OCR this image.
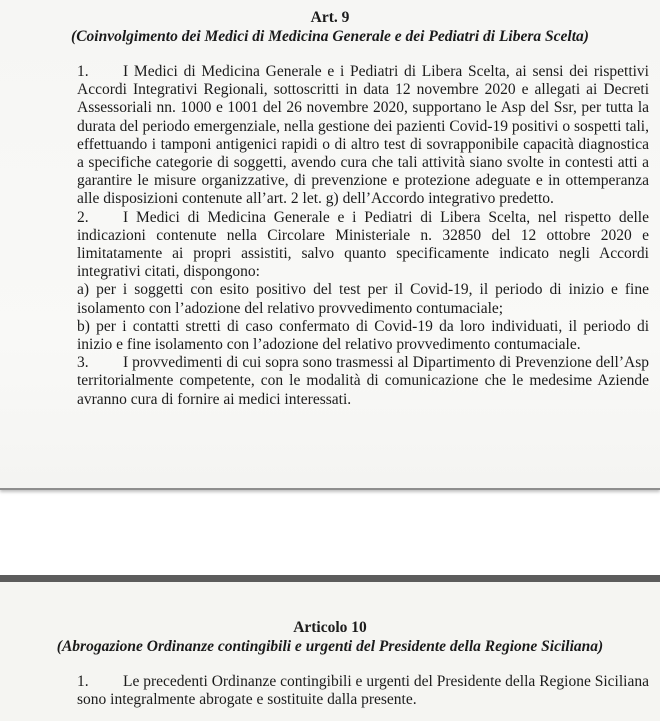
Art. 9
(Coinvolgimento dei Medici di Medicina Generale e dei Pediatri di Libera Scelta)

1. I Medici di Medicina Generale e i Pediatri di Libera Scelta, ai sensi dei rispettivi Accordi Integrativi Regionali, sottoscritti in data 12 novembre 2020 e allegati ai Decreti Assessoriali nn. 1000 e 1001 del 26 novembre 2020, supportano le Asp del Ssr, per tutta la durata del periodo emergenziale, nella gestione dei pazienti Covid-19 positivi o sospetti tali, effettuando i tamponi antigenici rapidi o di altro test di sovrapponibile capacità diagnostica a specifiche categorie di soggetti, avendo cura che tali attività siano svolte in contesti atti a garantire le misure organizzative, di prevenzione e protezione adeguate e in ottemperanza alle disposizioni contenute all’art. 2 let. g) dell’Accordo integrativo predetto.

2. I Medici di Medicina Generale e i Pediatri di Libera Scelta, nel rispetto delle indicazioni contenute nella Circolare Ministeriale n. 32850 del 12 ottobre 2020 e limitatamente ai propri assistiti, salvo quanto specificamente indicato negli Accordi integrativi citati, dispongono:

a) per i soggetti con esito positivo del test per il Covid-19, il periodo di inizio e fine isolamento con l’adozione del relativo provvedimento contumaciale;

b) per i contatti stretti di caso confermato di Covid-19 da loro individuati, il periodo di inizio e fine isolamento con l’adozione del relativo provvedimento contumaciale.

3. I provvedimenti di cui sopra sono trasmessi al Dipartimento di Prevenzione dell’Asp territorialmente competente, con le modalità di comunicazione che le medesime Aziende avranno cura di fornire ai medici interessati.

Articolo 10
(Abrogazione Ordinanze contingibili e urgenti del Presidente della Regione Siciliana)

1. Le precedenti Ordinanze contingibili e urgenti del Presidente della Regione Siciliana sono integralmente abrogate e sostituite dalla presente.
